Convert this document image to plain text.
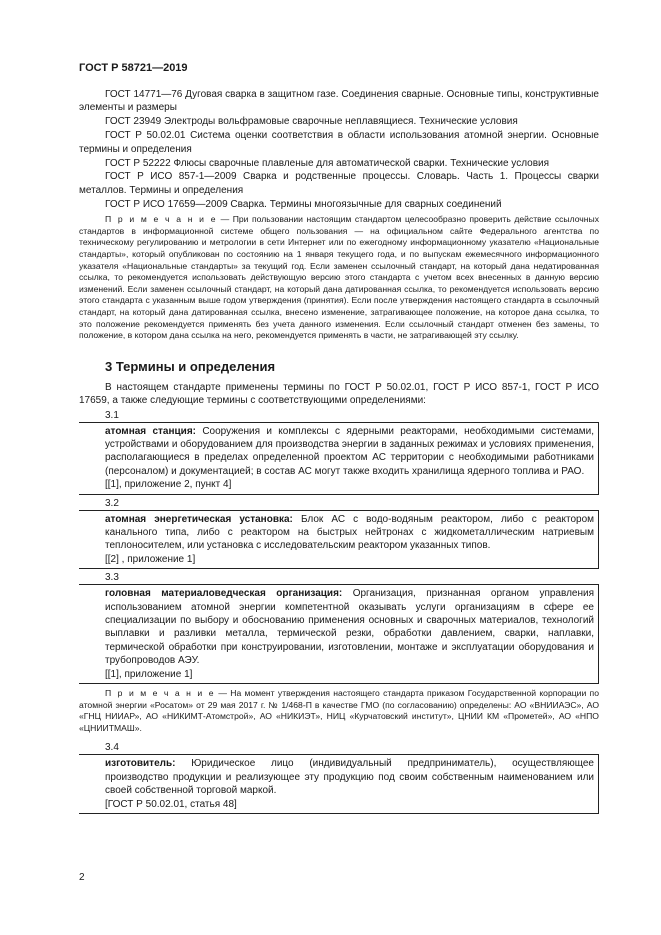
ГОСТ Р 58721—2019

ГОСТ 14771—76 Дуговая сварка в защитном газе. Соединения сварные. Основные типы, конструктивные элементы и размеры

ГОСТ 23949 Электроды вольфрамовые сварочные неплавящиеся. Технические условия

ГОСТ Р 50.02.01 Система оценки соответствия в области использования атомной энергии. Основные термины и определения

ГОСТ Р 52222 Флюсы сварочные плавленые для автоматической сварки. Технические условия

ГОСТ Р ИСО 857-1—2009 Сварка и родственные процессы. Словарь. Часть 1. Процессы сварки металлов. Термины и определения

ГОСТ Р ИСО 17659—2009 Сварка. Термины многоязычные для сварных соединений

П р и м е ч а н и е — При пользовании настоящим стандартом целесообразно проверить действие ссылочных стандартов в информационной системе общего пользования — на официальном сайте Федерального агентства по техническому регулированию и метрологии в сети Интернет или по ежегодному информационному указателю «Национальные стандарты», который опубликован по состоянию на 1 января текущего года, и по выпускам ежемесячного информационного указателя «Национальные стандарты» за текущий год. Если заменен ссылочный стандарт, на который дана недатированная ссылка, то рекомендуется использовать действующую версию этого стандарта с учетом всех внесенных в данную версию изменений. Если заменен ссылочный стандарт, на который дана датированная ссылка, то рекомендуется использовать версию этого стандарта с указанным выше годом утверждения (принятия). Если после утверждения настоящего стандарта в ссылочный стандарт, на который дана датированная ссылка, внесено изменение, затрагивающее положение, на которое дана ссылка, то это положение рекомендуется применять без учета данного изменения. Если ссылочный стандарт отменен без замены, то положение, в котором дана ссылка на него, рекомендуется применять в части, не затрагивающей эту ссылку.

3 Термины и определения

В настоящем стандарте применены термины по ГОСТ Р 50.02.01, ГОСТ Р ИСО 857-1, ГОСТ Р ИСО 17659, а также следующие термины с соответствующими определениями:

3.1

атомная станция: Сооружения и комплексы с ядерными реакторами, необходимыми системами, устройствами и оборудованием для производства энергии в заданных режимах и условиях применения, располагающиеся в пределах определенной проектом АС территории с необходимыми работниками (персоналом) и документацией; в состав АС могут также входить хранилища ядерного топлива и РАО.

[[1], приложение 2, пункт 4]

3.2

атомная энергетическая установка: Блок АС с водо-водяным реактором, либо с реактором канального типа, либо с реактором на быстрых нейтронах с жидкометаллическим натриевым теплоносителем, или установка с исследовательским реактором указанных типов.

[[2] , приложение 1]

3.3

головная материаловедческая организация: Организация, признанная органом управления использованием атомной энергии компетентной оказывать услуги организациям в сфере ее специализации по выбору и обоснованию применения основных и сварочных материалов, технологий выплавки и разливки металла, термической резки, обработки давлением, сварки, наплавки, термической обработки при конструировании, изготовлении, монтаже и эксплуатации оборудования и трубопроводов АЭУ.

[[1], приложение 1]

П р и м е ч а н и е — На момент утверждения настоящего стандарта приказом Государственной корпорации по атомной энергии «Росатом» от 29 мая 2017 г. № 1/468-П в качестве ГМО (по согласованию) определены: АО «ВНИИАЭС», АО «ГНЦ НИИАР», АО «НИКИМТ-Атомстрой», АО «НИКИЭТ», НИЦ «Курчатовский институт», ЦНИИ КМ «Прометей», АО «НПО «ЦНИИТМАШ».

3.4

изготовитель: Юридическое лицо (индивидуальный предприниматель), осуществляющее производство продукции и реализующее эту продукцию под своим собственным наименованием или своей собственной торговой маркой.

[ГОСТ Р 50.02.01, статья 48]

2
